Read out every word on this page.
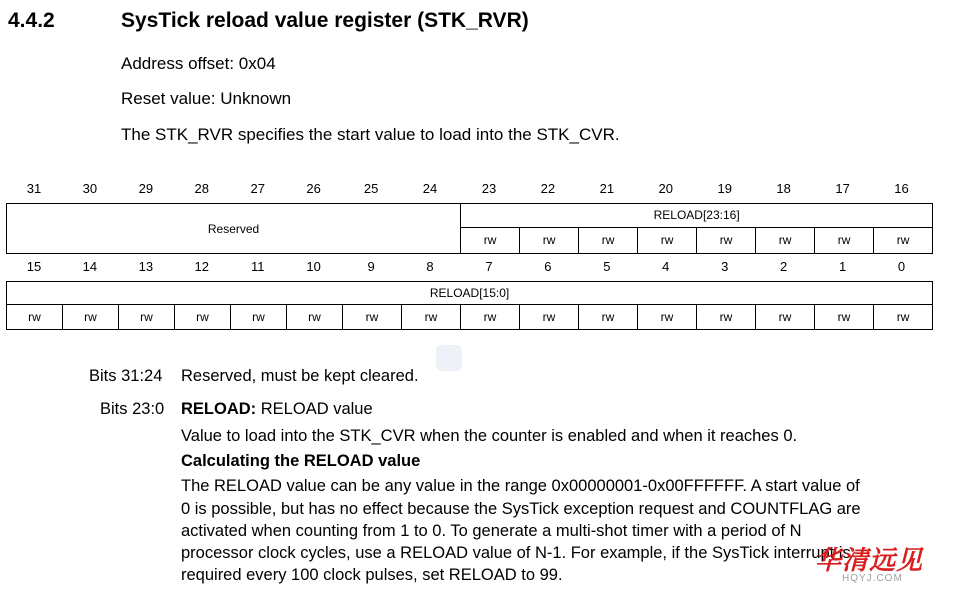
4.4.2	SysTick reload value register (STK_RVR)
Address offset: 0x04
Reset value: Unknown
The STK_RVR specifies the start value to load into the STK_CVR.
31	30	29	28	27	26	25	24	23	22	21	20	19	18	17	16
Reserved	RELOAD[23:16]							
	rw	rw	rw	rw	rw	rw	rw	rw
15	14	13	12	11	10	9	8	7	6	5	4	3	2	1	0
RELOAD[15:0]
rw	rw	rw	rw	rw	rw	rw	rw	rw	rw	rw	rw	rw	rw	rw	rw
Bits 31:24 Reserved, must be kept cleared.
Bits 23:0 RELOAD: RELOAD value
Value to load into the STK_CVR when the counter is enabled and when it reaches 0.
Calculating the RELOAD value
The RELOAD value can be any value in the range 0x00000001-0x00FFFFFF. A start value of
0 is possible, but has no effect because the SysTick exception request and COUNTFLAG are
activated when counting from 1 to 0. To generate a multi-shot timer with a period of N
processor clock cycles, use a RELOAD value of N-1. For example, if the SysTick interrupt is
required every 100 clock pulses, set RELOAD to 99.	华清远见
HQYJ.COM
